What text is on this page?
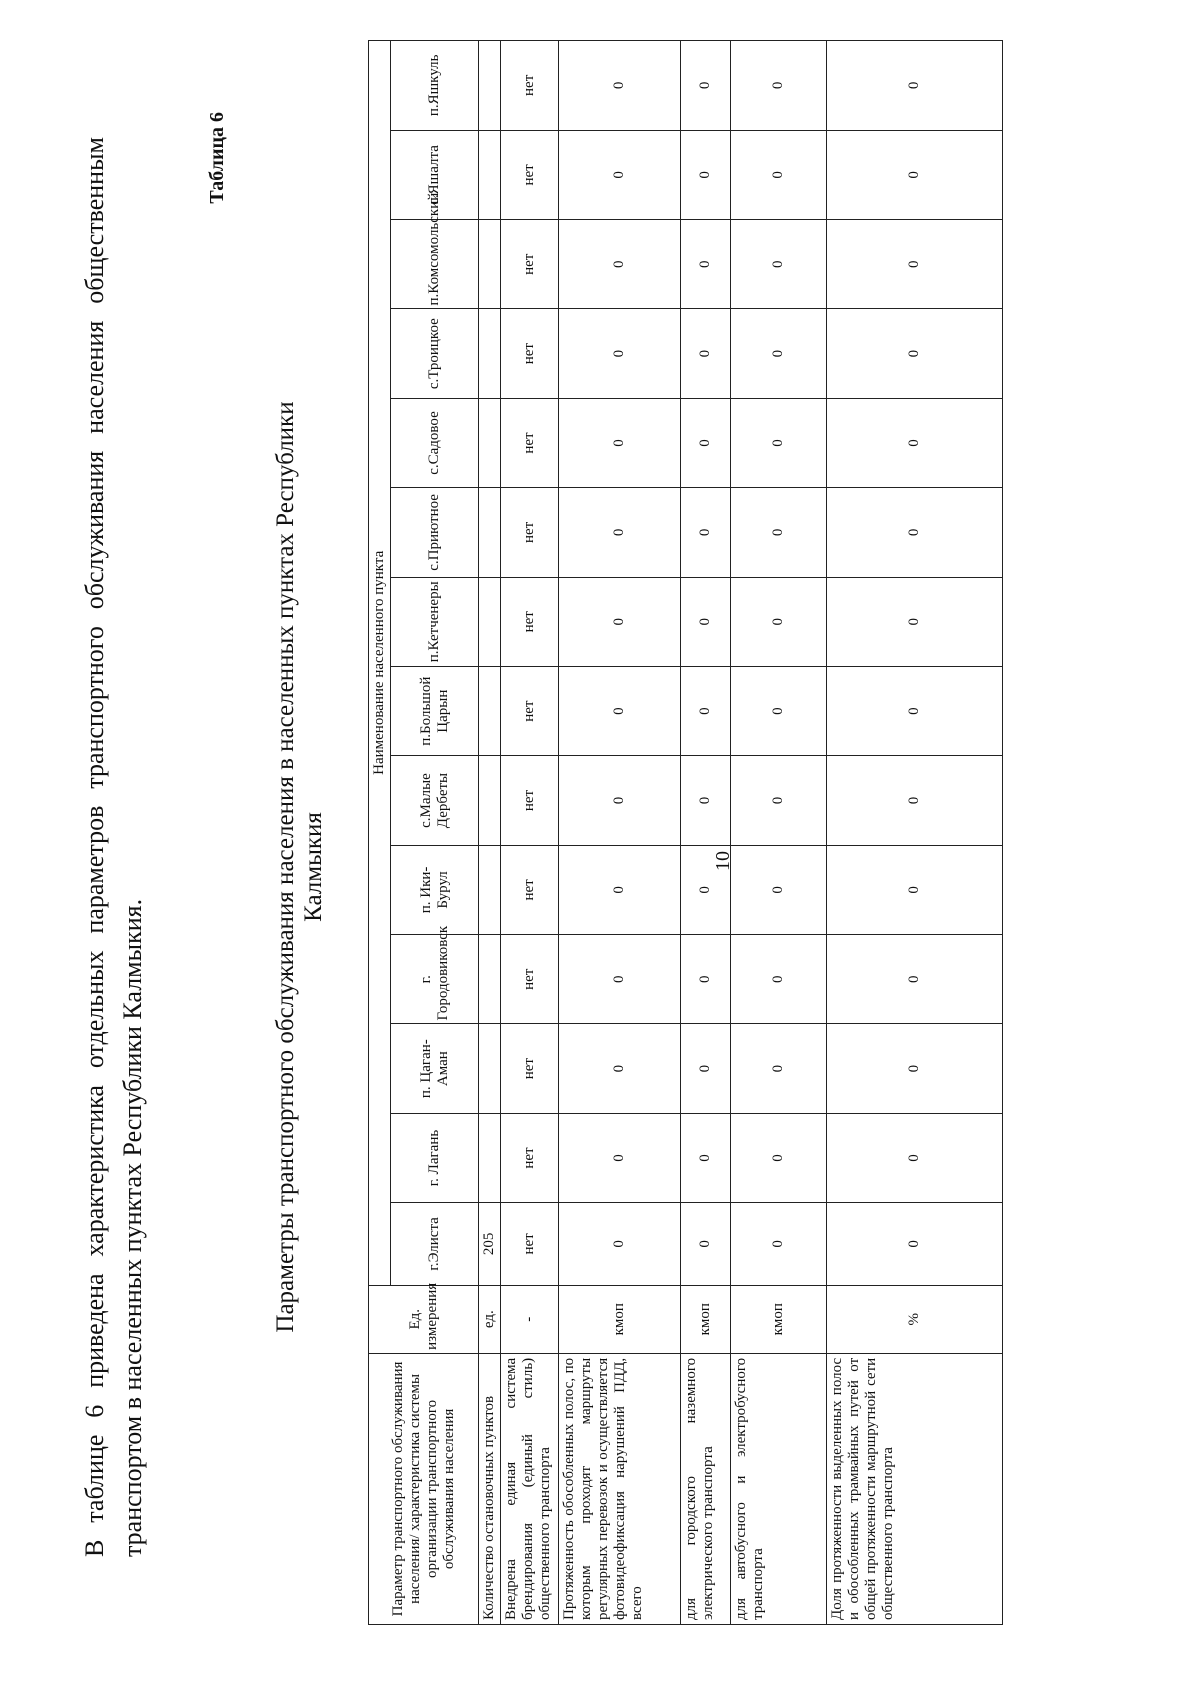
10
В таблице 6 приведена характеристика отдельных параметров транспортного обслуживания населения общественным транспортом в населенных пунктах Республики Калмыкия.
Таблица 6
Параметры транспортного обслуживания населения в населенных пунктах Республики Калмыкия
Параметр транспортного обслуживания населения/ характеристика системы организации транспортного обслуживания населения	Ед. измерения	Наименование населенного пункта													
		г.Элиста	г. Лагань	п. Цаган-Аман	г. Городовиковск	п. Ики-Бурул	с.Малые Дербеты	п.Большой Царын	п.Кетченеры	с.Приютное	с.Садовое	с.Троицкое	п.Комсомольский	с.Яшалта	п.Яшкуль
Количество остановочных пунктов	ед.	205													
Внедрена единая система брендирования (единый стиль) общественного транспорта	-	нет	нет	нет	нет	нет	нет	нет	нет	нет	нет	нет	нет	нет	нет
Протяженность обособленных полос, по которым проходят маршруты регулярных перевозок и осуществляется фотовидеофиксация нарушений ПДД, всего	кмоп	0	0	0	0	0	0	0	0	0	0	0	0	0	0
для городского наземного электрического транспорта	кмоп	0	0	0	0	0	0	0	0	0	0	0	0	0	0
для автобусного и электробусного транспорта	кмоп	0	0	0	0	0	0	0	0	0	0	0	0	0	0
Доля протяженности выделенных полос и обособленных трамвайных путей от общей протяженности маршрутной сети общественного транспорта	%	0	0	0	0	0	0	0	0	0	0	0	0	0	0
